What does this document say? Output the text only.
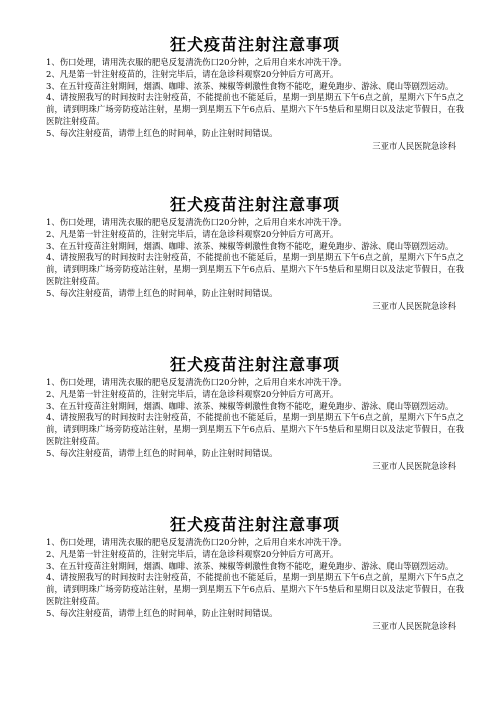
狂犬疫苗注射注意事项

1、伤口处理，请用洗衣服的肥皂反复清洗伤口20分钟，之后用自来水冲洗干净。

2、凡是第一针注射疫苗的，注射完毕后，请在急诊科观察20分钟后方可离开。

3、在五针疫苗注射期间，烟酒、咖啡、浓茶、辣椒等刺激性食物不能吃，避免跑步、游泳、爬山等剧烈运动。

4、请按照我写的时间按时去注射疫苗，不能提前也不能延后，星期一到星期五下午6点之前，星期六下午5点之前，请到明珠广场旁防疫站注射，星期一到星期五下午6点后、星期六下午5垫后和星期日以及法定节假日，在我医院注射疫苗。

5、每次注射疫苗，请带上红色的时间单，防止注射时间错误。

三亚市人民医院急诊科
狂犬疫苗注射注意事项

1、伤口处理，请用洗衣服的肥皂反复清洗伤口20分钟，之后用自来水冲洗干净。

2、凡是第一针注射疫苗的，注射完毕后，请在急诊科观察20分钟后方可离开。

3、在五针疫苗注射期间，烟酒、咖啡、浓茶、辣椒等刺激性食物不能吃，避免跑步、游泳、爬山等剧烈运动。

4、请按照我写的时间按时去注射疫苗，不能提前也不能延后，星期一到星期五下午6点之前，星期六下午5点之前，请到明珠广场旁防疫站注射，星期一到星期五下午6点后、星期六下午5垫后和星期日以及法定节假日，在我医院注射疫苗。

5、每次注射疫苗，请带上红色的时间单，防止注射时间错误。

三亚市人民医院急诊科
狂犬疫苗注射注意事项

1、伤口处理，请用洗衣服的肥皂反复清洗伤口20分钟，之后用自来水冲洗干净。

2、凡是第一针注射疫苗的，注射完毕后，请在急诊科观察20分钟后方可离开。

3、在五针疫苗注射期间，烟酒、咖啡、浓茶、辣椒等刺激性食物不能吃，避免跑步、游泳、爬山等剧烈运动。

4、请按照我写的时间按时去注射疫苗，不能提前也不能延后，星期一到星期五下午6点之前，星期六下午5点之前，请到明珠广场旁防疫站注射，星期一到星期五下午6点后、星期六下午5垫后和星期日以及法定节假日，在我医院注射疫苗。

5、每次注射疫苗，请带上红色的时间单，防止注射时间错误。

三亚市人民医院急诊科
狂犬疫苗注射注意事项

1、伤口处理，请用洗衣服的肥皂反复清洗伤口20分钟，之后用自来水冲洗干净。

2、凡是第一针注射疫苗的，注射完毕后，请在急诊科观察20分钟后方可离开。

3、在五针疫苗注射期间，烟酒、咖啡、浓茶、辣椒等刺激性食物不能吃，避免跑步、游泳、爬山等剧烈运动。

4、请按照我写的时间按时去注射疫苗，不能提前也不能延后，星期一到星期五下午6点之前，星期六下午5点之前，请到明珠广场旁防疫站注射，星期一到星期五下午6点后、星期六下午5垫后和星期日以及法定节假日，在我医院注射疫苗。

5、每次注射疫苗，请带上红色的时间单，防止注射时间错误。

三亚市人民医院急诊科
